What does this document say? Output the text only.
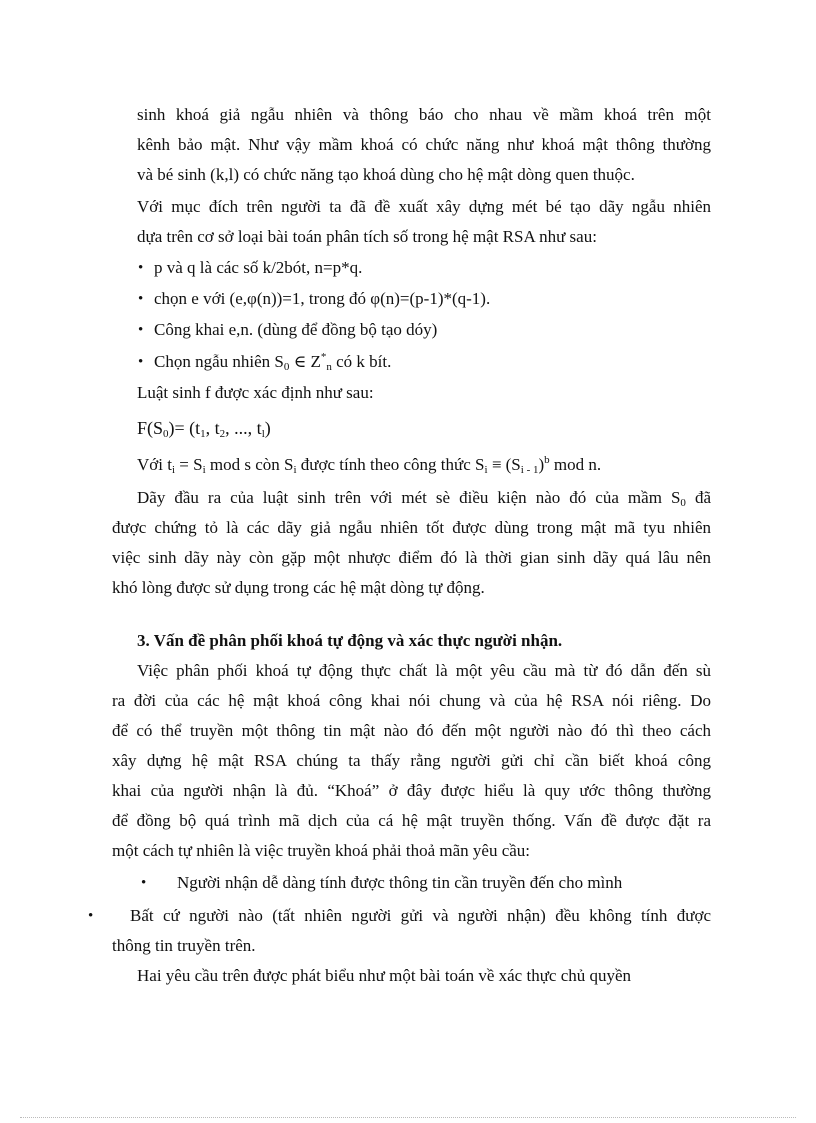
sinh khoá giả ngẫu nhiên và thông báo cho nhau về mầm khoá trên một
kênh bảo mật. Như vậy mầm khoá có chức năng như khoá mật thông thường
và bé sinh (k,l) có chức năng tạo khoá dùng cho hệ mật dòng quen thuộc.
Với mục đích trên người ta đã đề xuất xây dựng mét bé tạo dãy ngẫu nhiên
dựa trên cơ sở loại bài toán phân tích số trong hệ mật RSA như sau:
• p và q là các số k/2bót, n=p*q.
• chọn e với (e,φ(n))=1, trong đó φ(n)=(p-1)*(q-1).
• Công khai e,n. (dùng để đồng bộ tạo dóy)
• Chọn ngẫu nhiên $S_0$ ∈ $Z^*_n$ có k bít.
Luật sinh f được xác định như sau:
$F(S_0)= (t_1$, $t_2$, ..., $t_l$)
Với $t_i = S_i$ mod s còn $S_i$ được tính theo công thức $S_i \equiv (S_{i - 1})^b$ mod n.
Dãy đầu ra của luật sinh trên với mét sè điều kiện nào đó của mầm $S_0$ đã
được chứng tỏ là các dãy giả ngẫu nhiên tốt được dùng trong mật mã tyu nhiên
việc sinh dãy này còn gặp một nhược điểm đó là thời gian sinh dãy quá lâu nên
khó lòng được sử dụng trong các hệ mật dòng tự động.
3. Vấn đề phân phối khoá tự động và xác thực người nhận.
Việc phân phối khoá tự động thực chất là một yêu cầu mà từ đó dẫn đến sù
ra đời của các hệ mật khoá công khai nói chung và của hệ RSA nói riêng. Do
để có thể truyền một thông tin mật nào đó đến một người nào đó thì theo cách
xây dựng hệ mật RSA chúng ta thấy rằng người gửi chỉ cần biết khoá công
khai của người nhận là đủ. “Khoá” ở đây được hiểu là quy ước thông thường
để đồng bộ quá trình mã dịch của cá hệ mật truyền thống. Vấn đề được đặt ra
một cách tự nhiên là việc truyền khoá phải thoả mãn yêu cầu:
• Người nhận dễ dàng tính được thông tin cần truyền đến cho mình
• Bất cứ người nào (tất nhiên người gửi và người nhận) đều không tính được
thông tin truyền trên.
Hai yêu cầu trên được phát biểu như một bài toán về xác thực chủ quyền
